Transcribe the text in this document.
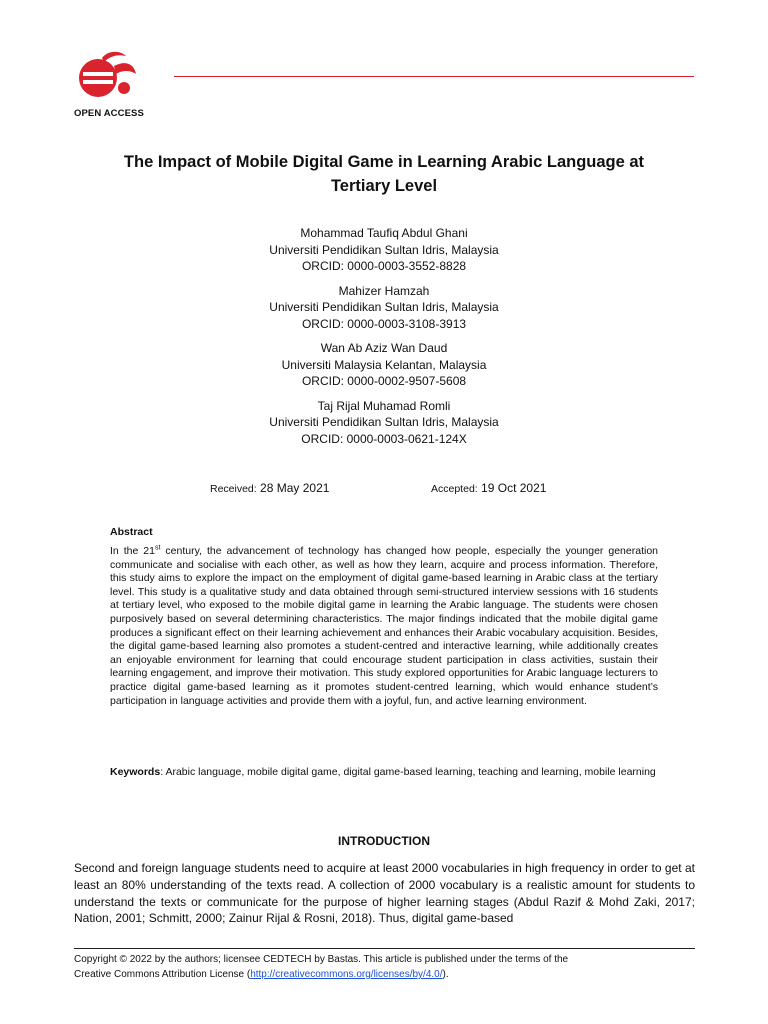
OPEN ACCESS
The Impact of Mobile Digital Game in Learning Arabic Language at
Tertiary Level
Mohammad Taufiq Abdul Ghani
Universiti Pendidikan Sultan Idris, Malaysia
ORCID: 0000-0003-3552-8828
Mahizer Hamzah
Universiti Pendidikan Sultan Idris, Malaysia
ORCID: 0000-0003-3108-3913
Wan Ab Aziz Wan Daud
Universiti Malaysia Kelantan, Malaysia
ORCID: 0000-0002-9507-5608
Taj Rijal Muhamad Romli
Universiti Pendidikan Sultan Idris, Malaysia
ORCID: 0000-0003-0621-124X
Received: 28 May 2021	Accepted: 19 Oct 2021
Abstract
In the 21st century, the advancement of technology has changed how people, especially the younger generation communicate and socialise with each other, as well as how they learn, acquire and process information. Therefore, this study aims to explore the impact on the employment of digital game-based learning in Arabic class at the tertiary level. This study is a qualitative study and data obtained through semi-structured interview sessions with 16 students at tertiary level, who exposed to the mobile digital game in learning the Arabic language. The students were chosen purposively based on several determining characteristics. The major findings indicated that the mobile digital game produces a significant effect on their learning achievement and enhances their Arabic vocabulary acquisition. Besides, the digital game-based learning also promotes a student-centred and interactive learning, while additionally creates an enjoyable environment for learning that could encourage student participation in class activities, sustain their learning engagement, and improve their motivation. This study explored opportunities for Arabic language lecturers to practice digital game-based learning as it promotes student-centred learning, which would enhance student’s participation in language activities and provide them with a joyful, fun, and active learning environment.
Keywords: Arabic language, mobile digital game, digital game-based learning, teaching and learning, mobile learning
INTRODUCTION
Second and foreign language students need to acquire at least 2000 vocabularies in high frequency in order to get at least an 80% understanding of the texts read. A collection of 2000 vocabulary is a realistic amount for students to understand the texts or communicate for the purpose of higher learning stages (Abdul Razif & Mohd Zaki, 2017; Nation, 2001; Schmitt, 2000; Zainur Rijal & Rosni, 2018). Thus, digital game-based
Copyright © 2022 by the authors; licensee CEDTECH by Bastas. This article is published under the terms of the
Creative Commons Attribution License (http://creativecommons.org/licenses/by/4.0/).
